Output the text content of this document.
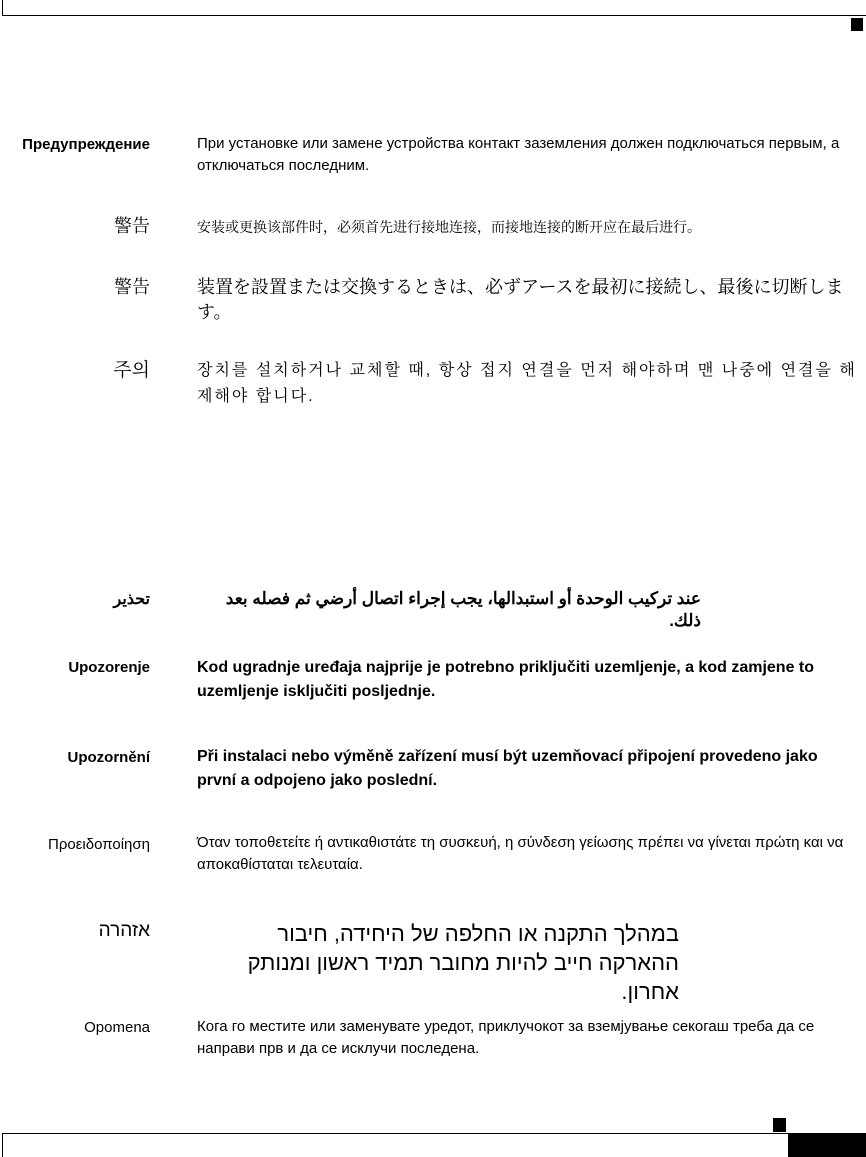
Предупреждение	При установке или замене устройства контакт заземления должен подключаться первым, а отключаться последним.
警告	安装或更换该部件时，必须首先进行接地连接，而接地连接的断开应在最后进行。
警告	装置を設置または交換するときは、必ずアースを最初に接続し、最後に切断します。
주의	장치를 설치하거나 교체할 때, 항상 접지 연결을 먼저 해야하며 맨 나중에 연결을 해제해야 합니다.
تحذير	عند تركيب الوحدة أو استبدالها، يجب إجراء اتصال أرضي ثم فصله بعد ذلك.
Upozorenje	Kod ugradnje uređaja najprije je potrebno priključiti uzemljenje, a kod zamjene to uzemljenje isključiti posljednje.
Upozornění	Při instalaci nebo výměně zařízení musí být uzemňovací připojení provedeno jako první a odpojeno jako poslední.
Προειδοποίηση	Όταν τοποθετείτε ή αντικαθιστάτε τη συσκευή, η σύνδεση γείωσης πρέπει να γίνεται πρώτη και να αποκαθίσταται τελευταία.
אזהרה	במהלך התקנה או החלפה של היחידה, חיבור ההארקה חייב להיות מחובר תמיד ראשון ומנותק אחרון.
Opomena	Кога го местите или заменувате уредот, приклучокот за вземјување секогаш треба да се направи прв и да се исклучи последена.
